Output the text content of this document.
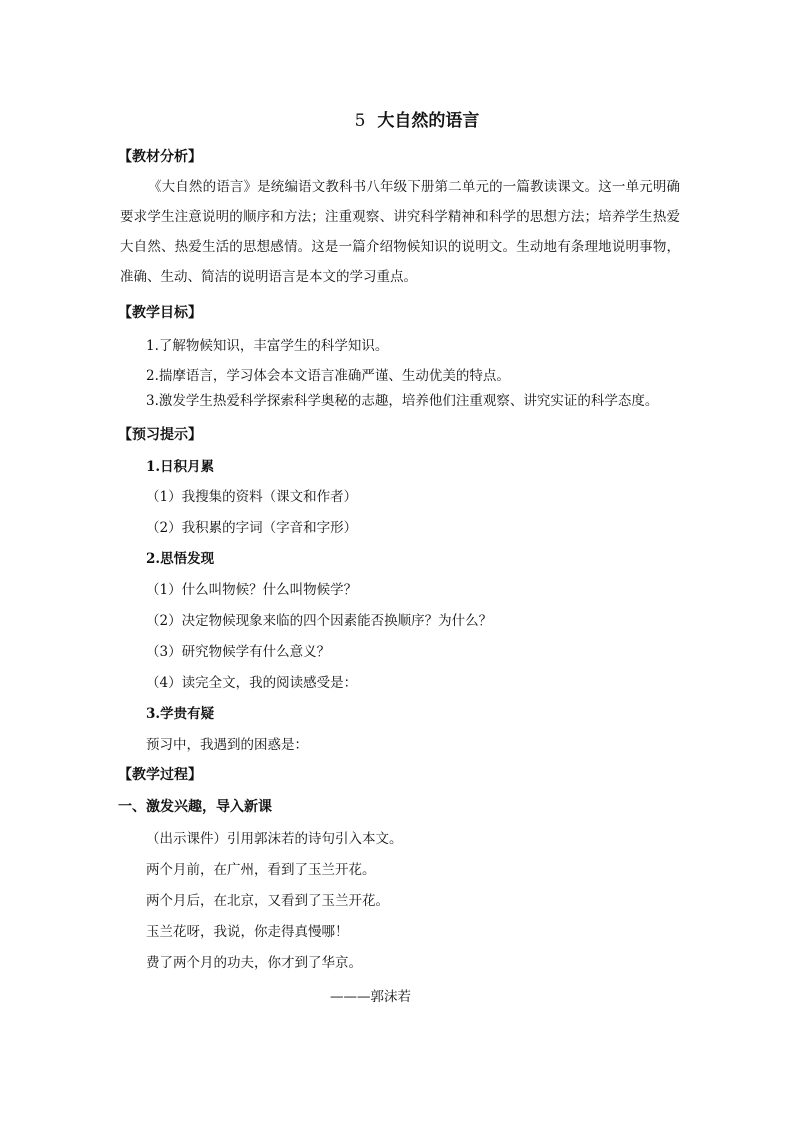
5 大自然的语言
【教材分析】
《大自然的语言》是统编语文教科书八年级下册第二单元的一篇教读课文。这一单元明确要求学生注意说明的顺序和方法；注重观察、讲究科学精神和科学的思想方法；培养学生热爱大自然、热爱生活的思想感情。这是一篇介绍物候知识的说明文。生动地有条理地说明事物，准确、生动、简洁的说明语言是本文的学习重点。
【教学目标】
1.了解物候知识，丰富学生的科学知识。
2.揣摩语言，学习体会本文语言准确严谨、生动优美的特点。
3.激发学生热爱科学探索科学奥秘的志趣，培养他们注重观察、讲究实证的科学态度。
【预习提示】
1.日积月累
（1）我搜集的资料（课文和作者）
（2）我积累的字词（字音和字形）
2.思悟发现
（1）什么叫物候？什么叫物候学？
（2）决定物候现象来临的四个因素能否换顺序？为什么？
（3）研究物候学有什么意义？
（4）读完全文，我的阅读感受是：
3.学贵有疑
预习中，我遇到的困惑是：
【教学过程】
一、激发兴趣，导入新课
（出示课件）引用郭沫若的诗句引入本文。
两个月前，在广州，看到了玉兰开花。
两个月后，在北京，又看到了玉兰开花。
玉兰花呀，我说，你走得真慢哪！
费了两个月的功夫，你才到了华京。
———郭沫若
